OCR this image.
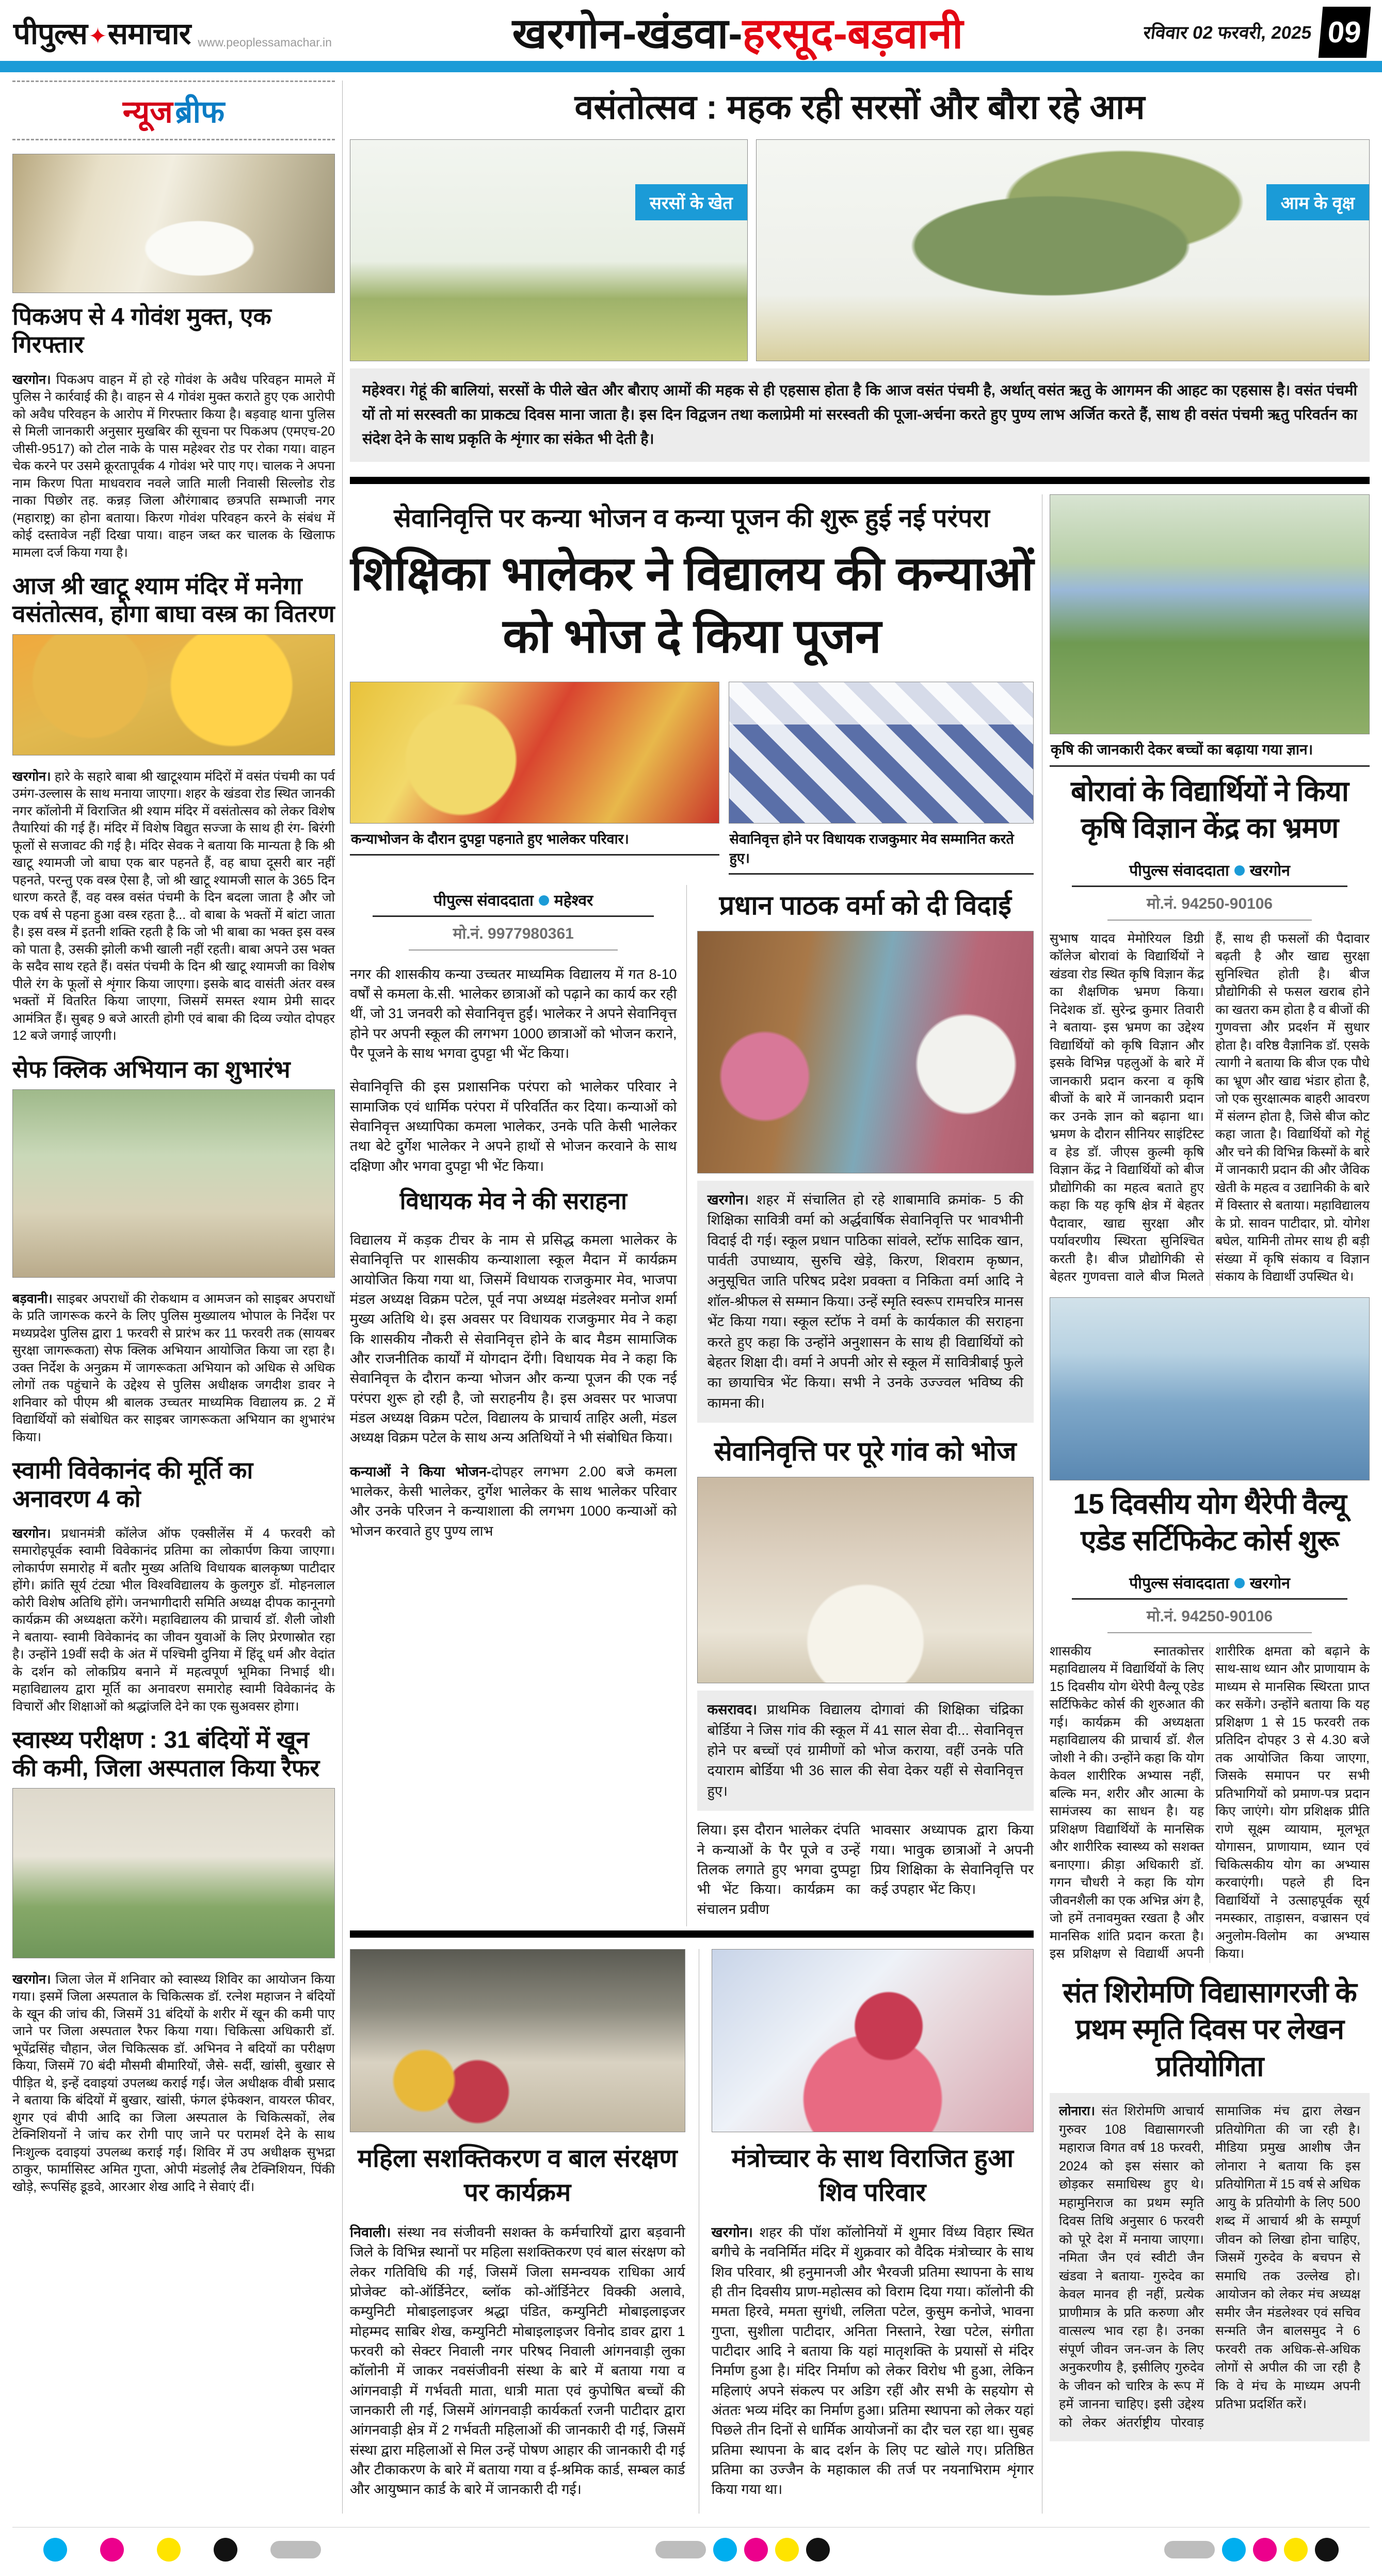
पीपुल्स✦समाचार www.peoplessamachar.in	खरगोन-खंडवा-हरसूद-बड़वानी	रविवार 02 फरवरी, 2025 09
न्यूज ब्रीफ
पिकअप से 4 गोवंश मुक्त, एक गिरफ्तार

खरगोन। पिकअप वाहन में हो रहे गोवंश के अवैध परिवहन मामले में पुलिस ने कार्रवाई की है। वाहन से 4 गोवंश मुक्त कराते हुए एक आरोपी को अवैध परिवहन के आरोप में गिरफ्तार किया है। बड़वाह थाना पुलिस से मिली जानकारी अनुसार मुखबिर की सूचना पर पिकअप (एमएच-20 जीसी-9517) को टोल नाके के पास महेश्वर रोड पर रोका गया। वाहन चेक करने पर उसमे क्रूरतापूर्वक 4 गोवंश भरे पाए गए। चालक ने अपना नाम किरण पिता माधवराव नवले जाति माली निवासी सिल्लोड रोड नाका पिछोर तह. कन्नड़ जिला औरंगाबाद छत्रपति सम्भाजी नगर (महाराष्ट्र) का होना बताया। किरण गोवंश परिवहन करने के संबंध में कोई दस्तावेज नहीं दिखा पाया। वाहन जब्त कर चालक के खिलाफ मामला दर्ज किया गया है।

आज श्री खाटू श्याम मंदिर में मनेगा वसंतोत्सव, होगा बाघा वस्त्र का वितरण

खरगोन। हारे के सहारे बाबा श्री खाटूश्याम मंदिरों में वसंत पंचमी का पर्व उमंग-उल्लास के साथ मनाया जाएगा। शहर के खंडवा रोड स्थित जानकी नगर कॉलोनी में विराजित श्री श्याम मंदिर में वसंतोत्सव को लेकर विशेष तैयारियां की गई हैं। मंदिर में विशेष विद्युत सज्जा के साथ ही रंग- बिरंगी फूलों से सजावट की गई है। मंदिर सेवक ने बताया कि मान्यता है कि श्री खाटू श्यामजी जो बाघा एक बार पहनते हैं, वह बाघा दूसरी बार नहीं पहनते, परन्तु एक वस्त्र ऐसा है, जो श्री खाटू श्यामजी साल के 365 दिन धारण करते हैं, वह वस्त्र वसंत पंचमी के दिन बदला जाता है और जो एक वर्ष से पहना हुआ वस्त्र रहता है... वो बाबा के भक्तों में बांटा जाता है। इस वस्त्र में इतनी शक्ति रहती है कि जो भी बाबा का भक्त इस वस्त्र को पाता है, उसकी झोली कभी खाली नहीं रहती। बाबा अपने उस भक्त के सदैव साथ रहते हैं। वसंत पंचमी के दिन श्री खाटू श्यामजी का विशेष पीले रंग के फूलों से शृंगार किया जाएगा। इसके बाद वासंती अंतर वस्त्र भक्तों में वितरित किया जाएगा, जिसमें समस्त श्याम प्रेमी सादर आमंत्रित हैं। सुबह 9 बजे आरती होगी एवं बाबा की दिव्य ज्योत दोपहर 12 बजे जगाई जाएगी।

सेफ क्लिक अभियान का शुभारंभ

बड़वानी। साइबर अपराधों की रोकथाम व आमजन को साइबर अपराधों के प्रति जागरूक करने के लिए पुलिस मुख्यालय भोपाल के निर्देश पर मध्यप्रदेश पुलिस द्वारा 1 फरवरी से प्रारंभ कर 11 फरवरी तक (सायबर सुरक्षा जागरूकता) सेफ क्लिक अभियान आयोजित किया जा रहा है। उक्त निर्देश के अनुक्रम में जागरूकता अभियान को अधिक से अधिक लोगों तक पहुंचाने के उद्देश्य से पुलिस अधीक्षक जगदीश डावर ने शनिवार को पीएम श्री बालक उच्चतर माध्यमिक विद्यालय क्र. 2 में विद्यार्थियों को संबोधित कर साइबर जागरूकता अभियान का शुभारंभ किया।

स्वामी विवेकानंद की मूर्ति का अनावरण 4 को

खरगोन। प्रधानमंत्री कॉलेज ऑफ एक्सीलेंस में 4 फरवरी को समारोहपूर्वक स्वामी विवेकानंद प्रतिमा का लोकार्पण किया जाएगा। लोकार्पण समारोह में बतौर मुख्य अतिथि विधायक बालकृष्ण पाटीदार होंगे। क्रांति सूर्य टंट्या भील विश्वविद्यालय के कुलगुरु डॉ. मोहनलाल कोरी विशेष अतिथि होंगे। जनभागीदारी समिति अध्यक्ष दीपक कानूनगो कार्यक्रम की अध्यक्षता करेंगे। महाविद्यालय की प्राचार्य डॉ. शैली जोशी ने बताया- स्वामी विवेकानंद का जीवन युवाओं के लिए प्रेरणास्रोत रहा है। उन्होंने 19वीं सदी के अंत में पश्चिमी दुनिया में हिंदू धर्म और वेदांत के दर्शन को लोकप्रिय बनाने में महत्वपूर्ण भूमिका निभाई थी। महाविद्यालय द्वारा मूर्ति का अनावरण समारोह स्वामी विवेकानंद के विचारों और शिक्षाओं को श्रद्धांजलि देने का एक सुअवसर होगा।

स्वास्थ्य परीक्षण : 31 बंदियों में खून की कमी, जिला अस्पताल किया रैफर

खरगोन। जिला जेल में शनिवार को स्वास्थ्य शिविर का आयोजन किया गया। इसमें जिला अस्पताल के चिकित्सक डॉ. रत्नेश महाजन ने बंदियों के खून की जांच की, जिसमें 31 बंदियों के शरीर में खून की कमी पाए जाने पर जिला अस्पताल रैफर किया गया। चिकित्सा अधिकारी डॉ. भूपेंद्रसिंह चौहान, जेल चिकित्सक डॉ. अभिनव ने बदियों का परीक्षण किया, जिसमें 70 बंदी मौसमी बीमारियों, जैसे- सर्दी, खांसी, बुखार से पीड़ित थे, इन्हें दवाइयां उपलब्ध कराई गईं। जेल अधीक्षक वीबी प्रसाद ने बताया कि बंदियों में बुखार, खांसी, फंगल इंफेक्शन, वायरल फीवर, शुगर एवं बीपी आदि का जिला अस्पताल के चिकित्सकों, लेब टेक्निशियनों ने जांच कर रोगी पाए जाने पर परामर्श देने के साथ निःशुल्क दवाइयां उपलब्ध कराई गईं। शिविर में उप अधीक्षक सुभद्रा ठाकुर, फार्मासिस्ट अमित गुप्ता, ओपी मंडलोई लैब टेक्निशियन, पिंकी खोड़े, रूपसिंह डूडवे, आरआर शेख आदि ने सेवाएं दीं।

वसंतोत्सव : महक रही सरसों और बौरा रहे आम
सरसों के खेत	आम के वृक्ष

महेश्वर। गेहूं की बालियां, सरसों के पीले खेत और बौराए आमों की महक से ही एहसास होता है कि आज वसंत पंचमी है, अर्थात् वसंत ऋतु के आगमन की आहट का एहसास है। वसंत पंचमी यों तो मां सरस्वती का प्राकट्य दिवस माना जाता है। इस दिन विद्वजन तथा कलाप्रेमी मां सरस्वती की पूजा-अर्चना करते हुए पुण्य लाभ अर्जित करते हैं, साथ ही वसंत पंचमी ऋतु परिवर्तन का संदेश देने के साथ प्रकृति के शृंगार का संकेत भी देती है।

सेवानिवृत्ति पर कन्या भोजन व कन्या पूजन की शुरू हुई नई परंपरा
शिक्षिका भालेकर ने विद्यालय की कन्याओं को भोज दे किया पूजन
कन्याभोजन के दौरान दुपट्टा पहनाते हुए भालेकर परिवार।	सेवानिवृत्त होने पर विधायक राजकुमार मेव सम्मानित करते हुए।
पीपुल्स संवाददाता महेश्वर
मो.नं. 9977980361

नगर की शासकीय कन्या उच्चतर माध्यमिक विद्यालय में गत 8-10 वर्षों से कमला के.सी. भालेकर छात्राओं को पढ़ाने का कार्य कर रही थीं, जो 31 जनवरी को सेवानिवृत्त हुईं। भालेकर ने अपने सेवानिवृत्त होने पर अपनी स्कूल की लगभग 1000 छात्राओं को भोजन कराने, पैर पूजने के साथ भगवा दुपट्टा भी भेंट किया।

सेवानिवृत्ति की इस प्रशासनिक परंपरा को भालेकर परिवार ने सामाजिक एवं धार्मिक परंपरा में परिवर्तित कर दिया। कन्याओं को सेवानिवृत्त अध्यापिका कमला भालेकर, उनके पति केसी भालेकर तथा बेटे दुर्गेश भालेकर ने अपने हाथों से भोजन करवाने के साथ दक्षिणा और भगवा दुपट्टा भी भेंट किया।

विधायक मेव ने की सराहना

विद्यालय में कड़क टीचर के नाम से प्रसिद्ध कमला भालेकर के सेवानिवृत्ति पर शासकीय कन्याशाला स्कूल मैदान में कार्यक्रम आयोजित किया गया था, जिसमें विधायक राजकुमार मेव, भाजपा मंडल अध्यक्ष विक्रम पटेल, पूर्व नपा अध्यक्ष मंडलेश्वर मनोज शर्मा मुख्य अतिथि थे। इस अवसर पर विधायक राजकुमार मेव ने कहा कि शासकीय नौकरी से सेवानिवृत्त होने के बाद मैडम सामाजिक और राजनीतिक कार्यों में योगदान देंगी। विधायक मेव ने कहा कि सेवानिवृत्त के दौरान कन्या भोजन और कन्या पूजन की एक नई परंपरा शुरू हो रही है, जो सराहनीय है। इस अवसर पर भाजपा मंडल अध्यक्ष विक्रम पटेल, विद्यालय के प्राचार्य ताहिर अली, मंडल अध्यक्ष विक्रम पटेल के साथ अन्य अतिथियों ने भी संबोधित किया।

कन्याओं ने किया भोजन-दोपहर लगभग 2.00 बजे कमला भालेकर, केसी भालेकर, दुर्गेश भालेकर के साथ भालेकर परिवार और उनके परिजन ने कन्याशाला की लगभग 1000 कन्याओं को भोजन करवाते हुए पुण्य लाभ

प्रधान पाठक वर्मा को दी विदाई

खरगोन। शहर में संचालित हो रहे शाबामावि क्रमांक- 5 की शिक्षिका सावित्री वर्मा को अर्द्धवार्षिक सेवानिवृत्ति पर भावभीनी विदाई दी गई। स्कूल प्रधान पाठिका सांवले, स्टॉफ सादिक खान, पार्वती उपाध्याय, सुरुचि खेड़े, किरण, शिवराम कृष्णन, अनुसूचित जाति परिषद प्रदेश प्रवक्ता व निकिता वर्मा आदि ने शॉल-श्रीफल से सम्मान किया। उन्हें स्मृति स्वरूप रामचरित्र मानस भेंट किया गया। स्कूल स्टॉफ ने वर्मा के कार्यकाल की सराहना करते हुए कहा कि उन्होंने अनुशासन के साथ ही विद्यार्थियों को बेहतर शिक्षा दी। वर्मा ने अपनी ओर से स्कूल में सावित्रीबाई फुले का छायाचित्र भेंट किया। सभी ने उनके उज्ज्वल भविष्य की कामना की।

सेवानिवृत्ति पर पूरे गांव को भोज

कसरावद। प्राथमिक विद्यालय दोगावां की शिक्षिका चंद्रिका बोर्डिया ने जिस गांव की स्कूल में 41 साल सेवा दी... सेवानिवृत्त होने पर बच्चों एवं ग्रामीणों को भोज कराया, वहीं उनके पति दयाराम बोर्डिया भी 36 साल की सेवा देकर यहीं से सेवानिवृत्त हुए।

लिया। इस दौरान भालेकर दंपति ने कन्याओं के पैर पूजे व उन्हें तिलक लगाते हुए भगवा दुप्पट्टा भी भेंट किया। कार्यक्रम का संचालन प्रवीण

भावसार अध्यापक द्वारा किया गया। भावुक छात्राओं ने अपनी प्रिय शिक्षिका के सेवानिवृत्ति पर कई उपहार भेंट किए।

महिला सशक्तिकरण व बाल संरक्षण पर कार्यक्रम

निवाली। संस्था नव संजीवनी सशक्त के कर्मचारियों द्वारा बड़वानी जिले के विभिन्न स्थानों पर महिला सशक्तिकरण एवं बाल संरक्षण को लेकर गतिविधि की गई, जिसमें जिला समन्वयक राधिका आर्य प्रोजेक्ट को-ऑर्डिनेटर, ब्लॉक को-ऑर्डिनेटर विक्की अलावे, कम्युनिटी मोबाइलाइजर श्रद्धा पंडित, कम्युनिटी मोबाइलाइजर मोहम्मद साबिर शेख, कम्युनिटी मोबाइलाइजर विनोद डावर द्वारा 1 फरवरी को सेक्टर निवाली नगर परिषद निवाली आंगनवाड़ी लुका कॉलोनी में जाकर नवसंजीवनी संस्था के बारे में बताया गया व आंगनवाड़ी में गर्भवती माता, धात्री माता एवं कुपोषित बच्चों की जानकारी ली गई, जिसमें आंगनवाड़ी कार्यकर्ता रजनी पाटीदार द्वारा आंगनवाड़ी क्षेत्र में 2 गर्भवती महिलाओं की जानकारी दी गई, जिसमें संस्था द्वारा महिलाओं से मिल उन्हें पोषण आहार की जानकारी दी गई और टीकाकरण के बारे में बताया गया व ई-श्रमिक कार्ड, सम्बल कार्ड और आयुष्मान कार्ड के बारे में जानकारी दी गई।

मंत्रोच्चार के साथ विराजित हुआ शिव परिवार

खरगोन। शहर की पॉश कॉलोनियों में शुमार विंध्य विहार स्थित बगीचे के नवनिर्मित मंदिर में शुक्रवार को वैदिक मंत्रोच्चार के साथ शिव परिवार, श्री हनुमानजी और भैरवजी प्रतिमा स्थापना के साथ ही तीन दिवसीय प्राण-महोत्सव को विराम दिया गया। कॉलोनी की ममता हिरवे, ममता सुगंधी, ललिता पटेल, कुसुम कनोजे, भावना गुप्ता, सुशीला पाटीदार, अनिता निस्ताने, रेखा पटेल, संगीता पाटीदार आदि ने बताया कि यहां मातृशक्ति के प्रयासों से मंदिर निर्माण हुआ है। मंदिर निर्माण को लेकर विरोध भी हुआ, लेकिन महिलाएं अपने संकल्प पर अडिग रहीं और सभी के सहयोग से अंततः भव्य मंदिर का निर्माण हुआ। प्रतिमा स्थापना को लेकर यहां पिछले तीन दिनों से धार्मिक आयोजनों का दौर चल रहा था। सुबह प्रतिमा स्थापना के बाद दर्शन के लिए पट खोले गए। प्रतिष्ठित प्रतिमा का उज्जैन के महाकाल की तर्ज पर नयनाभिराम शृंगार किया गया था।

कृषि की जानकारी देकर बच्चों का बढ़ाया गया ज्ञान।
बोरावां के विद्यार्थियों ने किया कृषि विज्ञान केंद्र का भ्रमण
पीपुल्स संवाददाता खरगोन
मो.नं. 94250-90106
सुभाष यादव मेमोरियल डिग्री कॉलेज बोरावां के विद्यार्थियों ने खंडवा रोड स्थित कृषि विज्ञान केंद्र का शैक्षणिक भ्रमण किया। निदेशक डॉ. सुरेन्द्र कुमार तिवारी ने बताया- इस भ्रमण का उद्देश्य विद्यार्थियों को कृषि विज्ञान और इसके विभिन्न पहलुओं के बारे में जानकारी प्रदान करना व कृषि बीजों के बारे में जानकारी प्रदान कर उनके ज्ञान को बढ़ाना था। भ्रमण के दौरान सीनियर साइंटिस्ट व हेड डॉ. जीएस कुल्मी कृषि विज्ञान केंद्र ने विद्यार्थियों को बीज प्रौद्योगिकी का महत्व बताते हुए कहा कि यह कृषि क्षेत्र में बेहतर पैदावार, खाद्य सुरक्षा और पर्यावरणीय स्थिरता सुनिश्चित करती है। बीज प्रौद्योगिकी से बेहतर गुणवत्ता वाले बीज मिलते हैं, साथ ही फसलों की पैदावार बढ़ती है और खाद्य सुरक्षा सुनिश्चित होती है। बीज प्रौद्योगिकी से फसल खराब होने का खतरा कम होता है व बीजों की गुणवत्ता और प्रदर्शन में सुधार होता है। वरिष्ठ वैज्ञानिक डॉ. एसके त्यागी ने बताया कि बीज एक पौधे का भ्रूण और खाद्य भंडार होता है, जो एक सुरक्षात्मक बाहरी आवरण में संलग्न होता है, जिसे बीज कोट कहा जाता है। विद्यार्थियों को गेहूं और चने की विभिन्न किस्मों के बारे में जानकारी प्रदान की और जैविक खेती के महत्व व उद्यानिकी के बारे में विस्तार से बताया। महाविद्यालय के प्रो. सावन पाटीदार, प्रो. योगेश बघेल, यामिनी तोमर साथ ही बड़ी संख्या में कृषि संकाय व विज्ञान संकाय के विद्यार्थी उपस्थित थे।
15 दिवसीय योग थैरेपी वैल्यू एडेड सर्टिफिकेट कोर्स शुरू
पीपुल्स संवाददाता खरगोन
मो.नं. 94250-90106
शासकीय स्नातकोत्तर महाविद्यालय में विद्यार्थियों के लिए 15 दिवसीय योग थेरेपी वैल्यू एडेड सर्टिफिकेट कोर्स की शुरुआत की गई। कार्यक्रम की अध्यक्षता महाविद्यालय की प्राचार्य डॉ. शैल जोशी ने की। उन्होंने कहा कि योग केवल शारीरिक अभ्यास नहीं, बल्कि मन, शरीर और आत्मा के सामंजस्य का साधन है। यह प्रशिक्षण विद्यार्थियों के मानसिक और शारीरिक स्वास्थ्य को सशक्त बनाएगा। क्रीड़ा अधिकारी डॉ. गगन चौधरी ने कहा कि योग जीवनशैली का एक अभिन्न अंग है, जो हमें तनावमुक्त रखता है और मानसिक शांति प्रदान करता है। इस प्रशिक्षण से विद्यार्थी अपनी शारीरिक क्षमता को बढ़ाने के साथ-साथ ध्यान और प्राणायाम के माध्यम से मानसिक स्थिरता प्राप्त कर सकेंगे। उन्होंने बताया कि यह प्रशिक्षण 1 से 15 फरवरी तक प्रतिदिन दोपहर 3 से 4.30 बजे तक आयोजित किया जाएगा, जिसके समापन पर सभी प्रतिभागियों को प्रमाण-पत्र प्रदान किए जाएंगे। योग प्रशिक्षक प्रीति राणे सूक्ष्म व्यायाम, मूलभूत योगासन, प्राणायाम, ध्यान एवं चिकित्सकीय योग का अभ्यास करवाएंगी। पहले ही दिन विद्यार्थियों ने उत्साहपूर्वक सूर्य नमस्कार, ताड़ासन, वज्रासन एवं अनुलोम-विलोम का अभ्यास किया।
संत शिरोमणि विद्यासागरजी के प्रथम स्मृति दिवस पर लेखन प्रतियोगिता
लोनारा। संत शिरोमणि आचार्य गुरुवर 108 विद्यासागरजी महाराज विगत वर्ष 18 फरवरी, 2024 को इस संसार को छोड़कर समाधिस्थ हुए थे। महामुनिराज का प्रथम स्मृति दिवस तिथि अनुसार 6 फरवरी को पूरे देश में मनाया जाएगा। नमिता जैन एवं स्वीटी जैन खंडवा ने बताया- गुरुदेव का केवल मानव ही नहीं, प्रत्येक प्राणीमात्र के प्रति करुणा और वात्सल्य भाव रहा है। उनका संपूर्ण जीवन जन-जन के लिए अनुकरणीय है, इसीलिए गुरुदेव के जीवन को चारित्र के रूप में हमें जानना चाहिए। इसी उद्देश्य को लेकर अंतर्राष्ट्रीय पोरवाड़ सामाजिक मंच द्वारा लेखन प्रतियोगिता की जा रही है। मीडिया प्रमुख आशीष जैन लोनारा ने बताया कि इस प्रतियोगिता में 15 वर्ष से अधिक आयु के प्रतियोगी के लिए 500 शब्द में आचार्य श्री के सम्पूर्ण जीवन को लिखा होना चाहिए, जिसमें गुरुदेव के बचपन से समाधि तक उल्लेख हो। आयोजन को लेकर मंच अध्यक्ष समीर जैन मंडलेश्वर एवं सचिव सन्मति जैन बालसमुद ने 6 फरवरी तक अधिक-से-अधिक लोगों से अपील की जा रही है कि वे मंच के माध्यम अपनी प्रतिभा प्रदर्शित करें।
